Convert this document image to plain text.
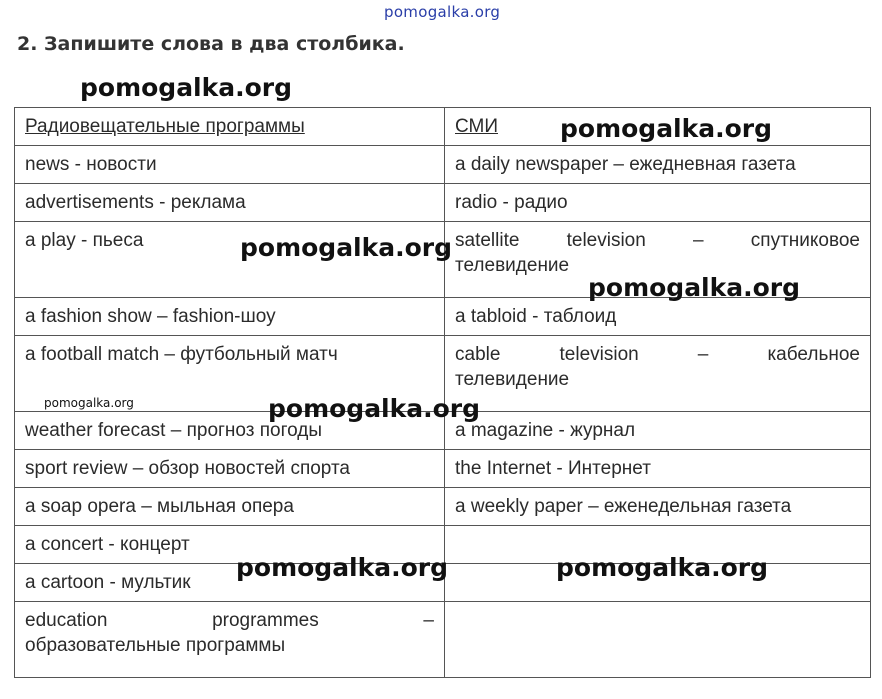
pomogalka.org
2. Запишите слова в два столбика.
pomogalka.org
pomogalka.org
pomogalka.org
pomogalka.org
pomogalka.org	pomogalka.org
pomogalka.org	pomogalka.org
Радиовещательные программы	СМИ
news - новости	a daily newspaper – ежедневная газета
advertisements - реклама	radio - радио
a play - пьеса	satellite television – спутниковое
телевидение

a fashion show – fashion-шоу	a tabloid - таблоид
a football match – футбольный матч	cable television – кабельное
телевидение

weather forecast – прогноз погоды	a magazine - журнал
sport review – обзор новостей спорта	the Internet - Интернет
a soap opera – мыльная опера	a weekly paper – еженедельная газета
a concert - концерт	
a cartoon - мультик	

education programmes –
образовательные программы	
